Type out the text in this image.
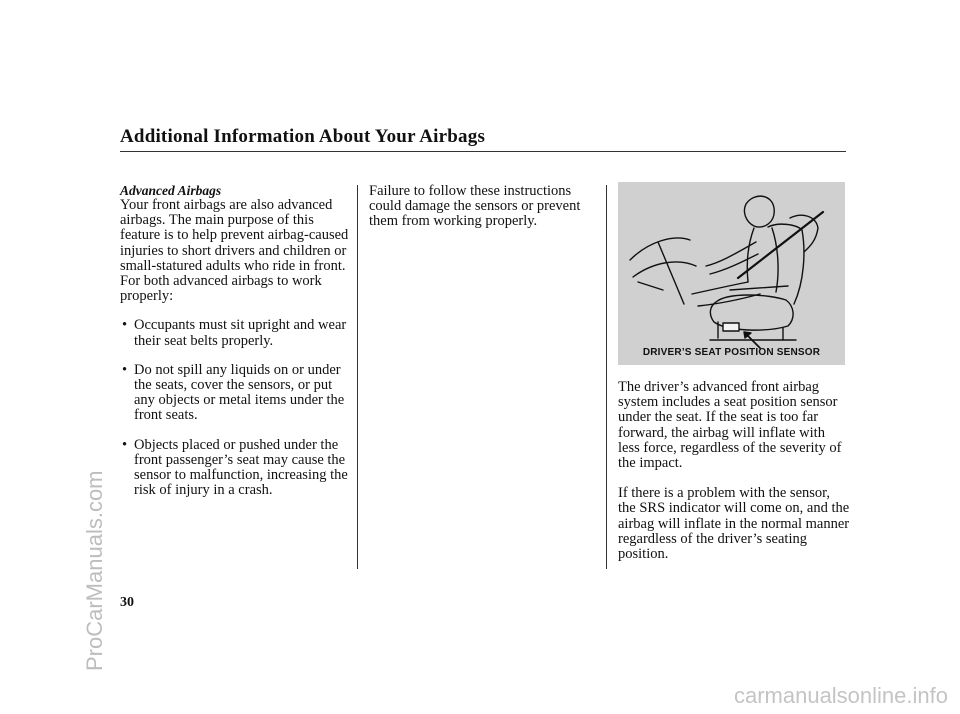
Additional Information About Your Airbags
Advanced Airbags
Your front airbags are also advanced airbags. The main purpose of this feature is to help prevent airbag-caused injuries to short drivers and children or small-statured adults who ride in front.
For both advanced airbags to work properly:
• Occupants must sit upright and wear their seat belts properly.
• Do not spill any liquids on or under the seats, cover the sensors, or put any objects or metal items under the front seats.
• Objects placed or pushed under the front passenger’s seat may cause the sensor to malfunction, increasing the risk of injury in a crash.
Failure to follow these instructions could damage the sensors or prevent them from working properly.
DRIVER’S SEAT POSITION SENSOR
The driver’s advanced front airbag system includes a seat position sensor under the seat. If the seat is too far forward, the airbag will inflate with less force, regardless of the severity of the impact.
If there is a problem with the sensor, the SRS indicator will come on, and the airbag will inflate in the normal manner regardless of the driver’s seating position.
30
ProCarManuals.com
carmanualsonline.info
